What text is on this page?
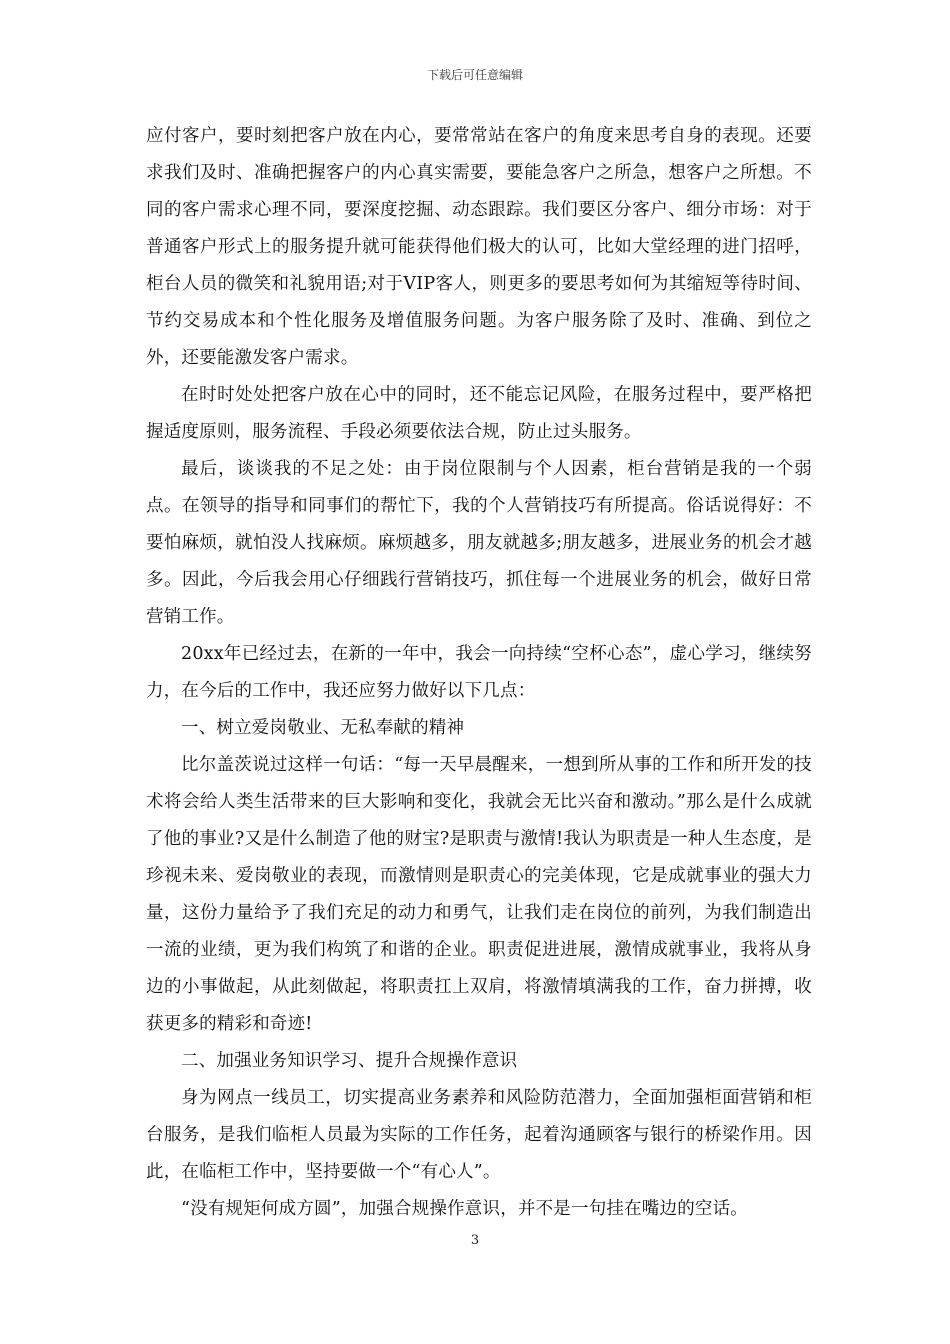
下载后可任意编辑

应付客户，要时刻把客户放在内心，要常常站在客户的角度来思考自身的表现。还要求我们及时、准确把握客户的内心真实需要，要能急客户之所急，想客户之所想。不同的客户需求心理不同，要深度挖掘、动态跟踪。我们要区分客户、细分市场：对于普通客户形式上的服务提升就可能获得他们极大的认可，比如大堂经理的进门招呼，柜台人员的微笑和礼貌用语;对于VIP客人，则更多的要思考如何为其缩短等待时间、节约交易成本和个性化服务及增值服务问题。为客户服务除了及时、准确、到位之外，还要能激发客户需求。

在时时处处把客户放在心中的同时，还不能忘记风险，在服务过程中，要严格把握适度原则，服务流程、手段必须要依法合规，防止过头服务。

最后，谈谈我的不足之处：由于岗位限制与个人因素，柜台营销是我的一个弱点。在领导的指导和同事们的帮忙下，我的个人营销技巧有所提高。俗话说得好：不要怕麻烦，就怕没人找麻烦。麻烦越多，朋友就越多;朋友越多，进展业务的机会才越多。因此，今后我会用心仔细践行营销技巧，抓住每一个进展业务的机会，做好日常营销工作。

20xx年已经过去，在新的一年中，我会一向持续“空杯心态”，虚心学习，继续努力，在今后的工作中，我还应努力做好以下几点：

一、树立爱岗敬业、无私奉献的精神

比尔盖茨说过这样一句话：“每一天早晨醒来，一想到所从事的工作和所开发的技术将会给人类生活带来的巨大影响和变化，我就会无比兴奋和激动。”那么是什么成就了他的事业?又是什么制造了他的财宝?是职责与激情!我认为职责是一种人生态度，是珍视未来、爱岗敬业的表现，而激情则是职责心的完美体现，它是成就事业的强大力量，这份力量给予了我们充足的动力和勇气，让我们走在岗位的前列，为我们制造出一流的业绩，更为我们构筑了和谐的企业。职责促进进展，激情成就事业，我将从身边的小事做起，从此刻做起，将职责扛上双肩，将激情填满我的工作，奋力拼搏，收获更多的精彩和奇迹!

二、加强业务知识学习、提升合规操作意识

身为网点一线员工，切实提高业务素养和风险防范潜力，全面加强柜面营销和柜台服务，是我们临柜人员最为实际的工作任务，起着沟通顾客与银行的桥梁作用。因此，在临柜工作中，坚持要做一个“有心人”。

“没有规矩何成方圆”，加强合规操作意识，并不是一句挂在嘴边的空话。

3
